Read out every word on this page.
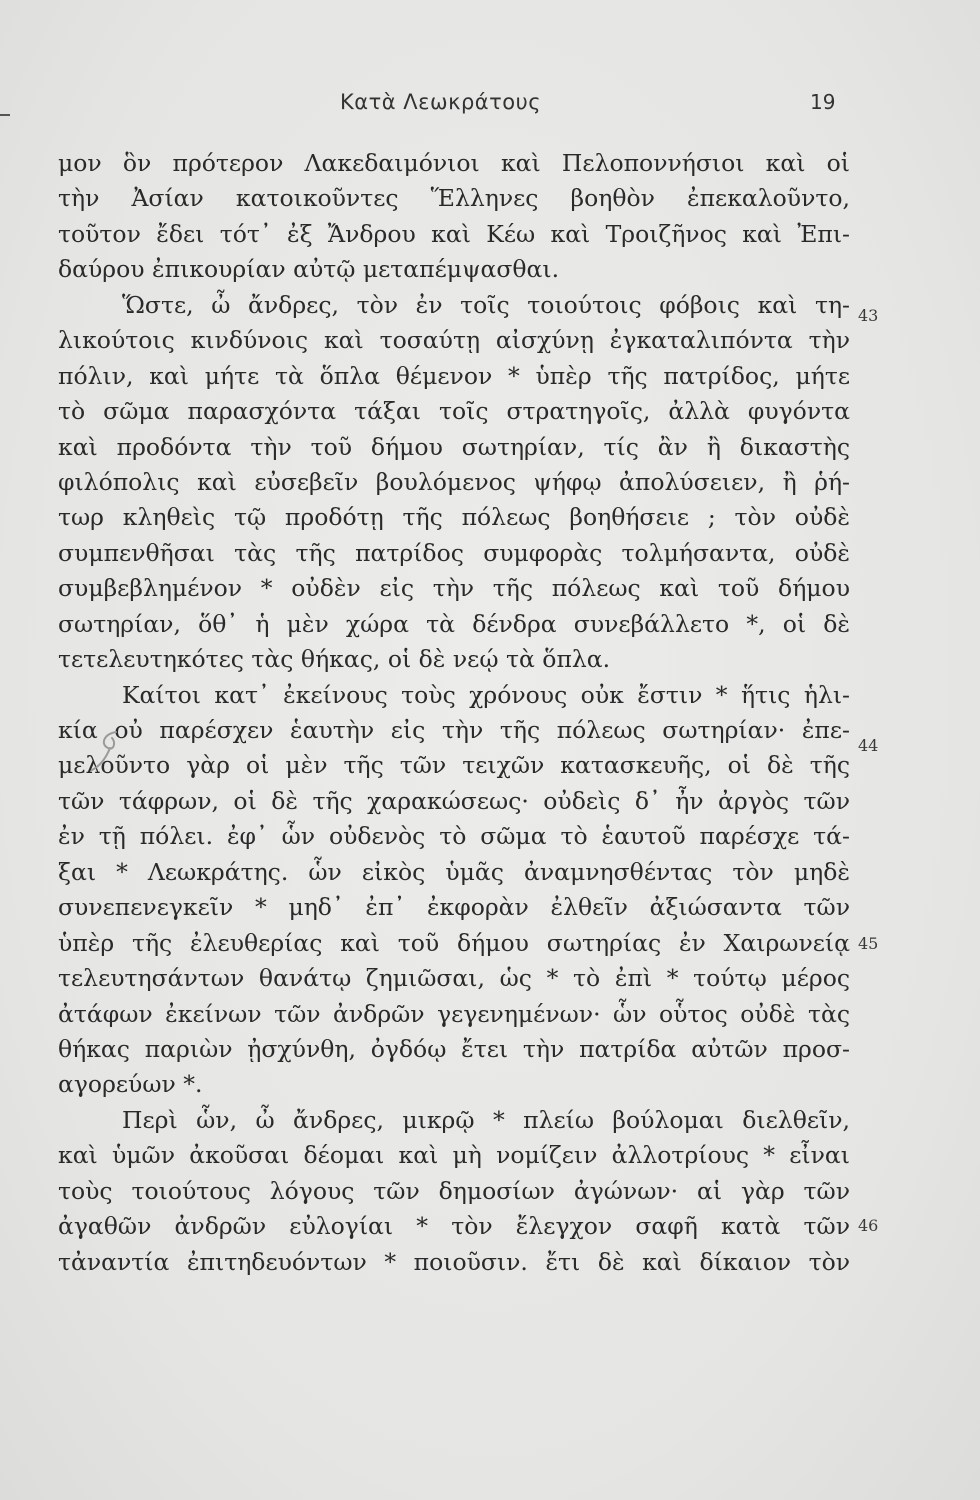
Κατὰ Λεωκράτους	19
μον ὃν πρότερον Λακεδαιμόνιοι καὶ Πελοποννήσιοι καὶ οἱ
τὴν Ἀσίαν κατοικοῦντες Ἕλληνες βοηθὸν ἐπεκαλοῦντο,
τοῦτον ἔδει τότ᾽ ἐξ Ἄνδρου καὶ Κέω καὶ Τροιζῆνος καὶ Ἐπι-
δαύρου ἐπικουρίαν αὐτῷ μεταπέμψασθαι.
Ὥστε, ὦ ἄνδρες, τὸν ἐν τοῖς τοιούτοις φόβοις καὶ τη-
λικούτοις κινδύνοις καὶ τοσαύτῃ αἰσχύνῃ ἐγκαταλιπόντα τὴν
πόλιν, καὶ μήτε τὰ ὅπλα θέμενον * ὑπὲρ τῆς πατρίδος, μήτε
τὸ σῶμα παρασχόντα τάξαι τοῖς στρατηγοῖς, ἀλλὰ φυγόντα
καὶ προδόντα τὴν τοῦ δήμου σωτηρίαν, τίς ἂν ἢ δικαστὴς
φιλόπολις καὶ εὐσεβεῖν βουλόμενος ψήφῳ ἀπολύσειεν, ἢ ῥή-
τωρ κληθεὶς τῷ προδότῃ τῆς πόλεως βοηθήσειε ; τὸν οὐδὲ
συμπενθῆσαι τὰς τῆς πατρίδος συμφορὰς τολμήσαντα, οὐδὲ
συμβεβλημένον * οὐδὲν εἰς τὴν τῆς πόλεως καὶ τοῦ δήμου
σωτηρίαν, ὅθ᾽ ἡ μὲν χώρα τὰ δένδρα συνεβάλλετο *, οἱ δὲ
τετελευτηκότες τὰς θήκας, οἱ δὲ νεῴ τὰ ὅπλα.
Καίτοι κατ᾽ ἐκείνους τοὺς χρόνους οὐκ ἔστιν * ἥτις ἡλι-
κία οὐ παρέσχεν ἑαυτὴν εἰς τὴν τῆς πόλεως σωτηρίαν· ἐπε-
μελοῦντο γὰρ οἱ μὲν τῆς τῶν τειχῶν κατασκευῆς, οἱ δὲ τῆς
τῶν τάφρων, οἱ δὲ τῆς χαρακώσεως· οὐδεὶς δ᾽ ἦν ἀργὸς τῶν
ἐν τῇ πόλει. ἐφ᾽ ὧν οὐδενὸς τὸ σῶμα τὸ ἑαυτοῦ παρέσχε τά-
ξαι * Λεωκράτης. ὧν εἰκὸς ὑμᾶς ἀναμνησθέντας τὸν μηδὲ
συνεπενεγκεῖν * μηδ᾽ ἐπ᾽ ἐκφορὰν ἐλθεῖν ἀξιώσαντα τῶν
ὑπὲρ τῆς ἐλευθερίας καὶ τοῦ δήμου σωτηρίας ἐν Χαιρωνείᾳ
τελευτησάντων θανάτῳ ζημιῶσαι, ὡς * τὸ ἐπὶ * τούτῳ μέρος
ἀτάφων ἐκείνων τῶν ἀνδρῶν γεγενημένων· ὧν οὗτος οὐδὲ τὰς
θήκας παριὼν ᾐσχύνθη, ὀγδόῳ ἔτει τὴν πατρίδα αὐτῶν προσ-
αγορεύων *.
Περὶ ὧν, ὦ ἄνδρες, μικρῷ * πλείω βούλομαι διελθεῖν,
καὶ ὑμῶν ἀκοῦσαι δέομαι καὶ μὴ νομίζειν ἀλλοτρίους * εἶναι
τοὺς τοιούτους λόγους τῶν δημοσίων ἀγώνων· αἱ γὰρ τῶν
ἀγαθῶν ἀνδρῶν εὐλογίαι * τὸν ἔλεγχον σαφῆ κατὰ τῶν
τἀναντία ἐπιτηδευόντων * ποιοῦσιν. ἔτι δὲ καὶ δίκαιον τὸν
43
44
45
46
